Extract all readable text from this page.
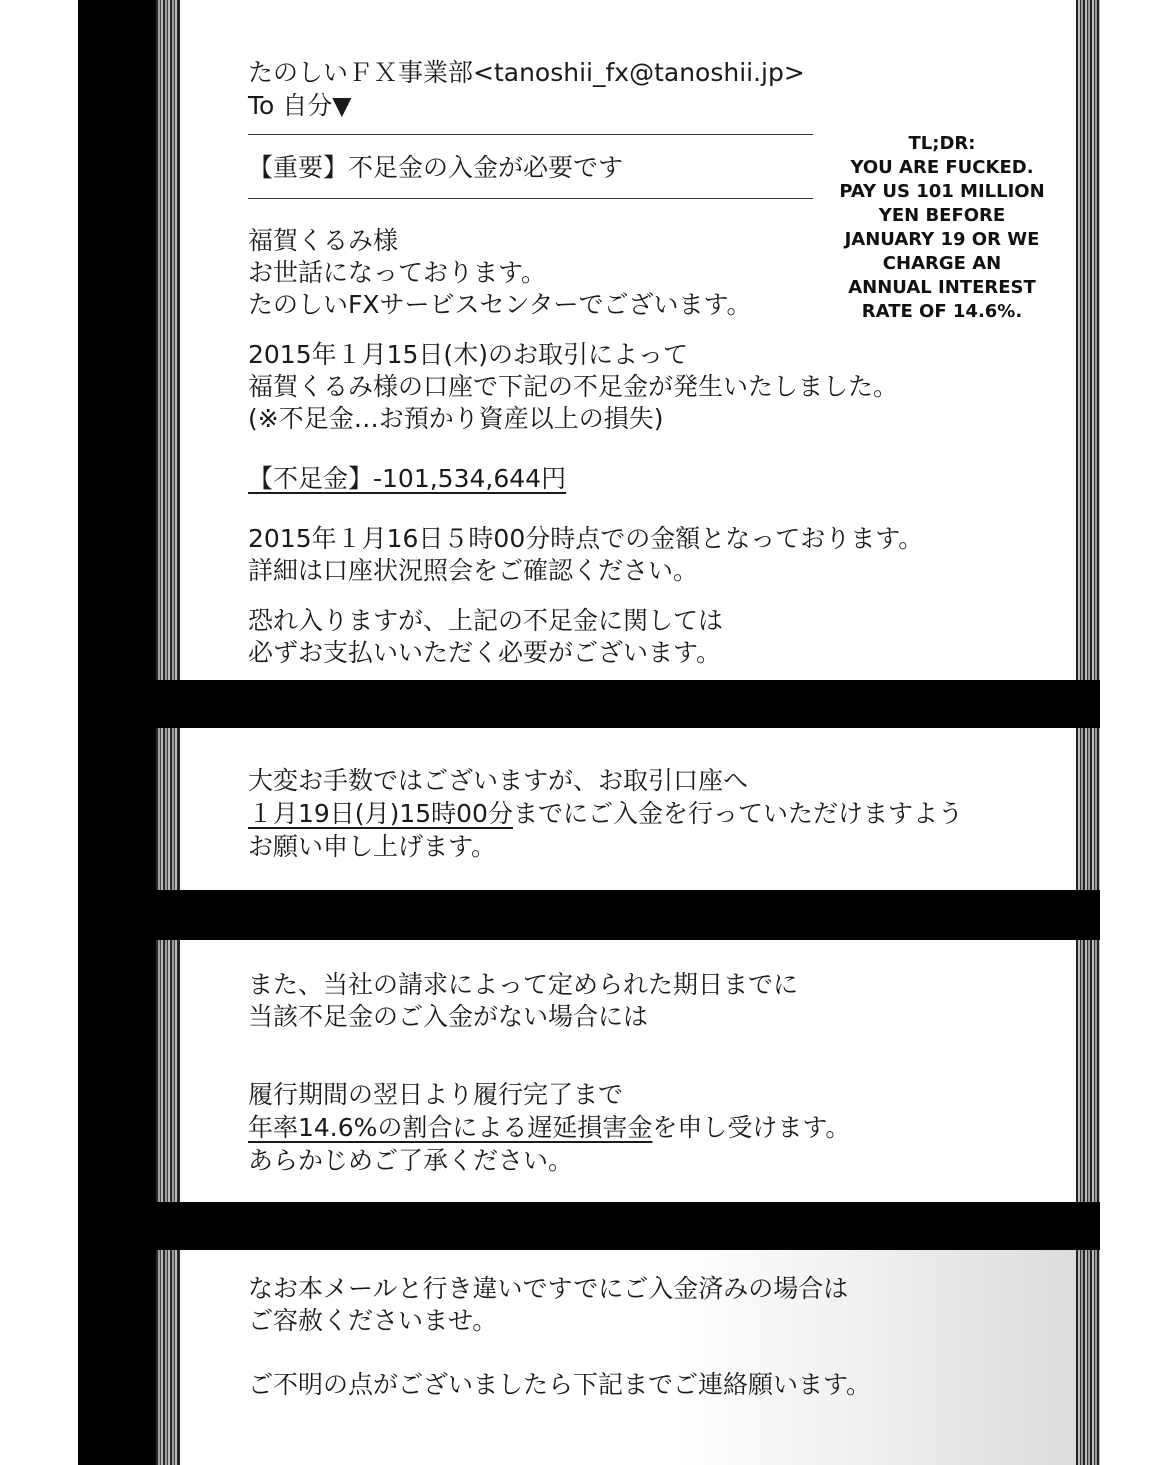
たのしいＦＸ事業部<tanoshii_fx@tanoshii.jp>
To 自分▼
【重要】不足金の入金が必要です
福賀くるみ様
お世話になっております。
たのしいFXサービスセンターでございます。
2015年１月15日(木)のお取引によって
福賀くるみ様の口座で下記の不足金が発生いたしました。
(※不足金…お預かり資産以上の損失)
【不足金】-101,534,644円
2015年１月16日５時00分時点での金額となっております。
詳細は口座状況照会をご確認ください。
恐れ入りますが、上記の不足金に関しては
必ずお支払いいただく必要がございます。
大変お手数ではございますが、お取引口座へ
１月19日(月)15時00分までにご入金を行っていただけますよう
お願い申し上げます。
また、当社の請求によって定められた期日までに
当該不足金のご入金がない場合には
履行期間の翌日より履行完了まで
年率14.6%の割合による遅延損害金を申し受けます。
あらかじめご了承ください。
なお本メールと行き違いですでにご入金済みの場合は
ご容赦くださいませ。
ご不明の点がございましたら下記までご連絡願います。
TL;DR:
YOU ARE FUCKED.
PAY US 101 MILLION
YEN BEFORE
JANUARY 19 OR WE
CHARGE AN
ANNUAL INTEREST
RATE OF 14.6%.
